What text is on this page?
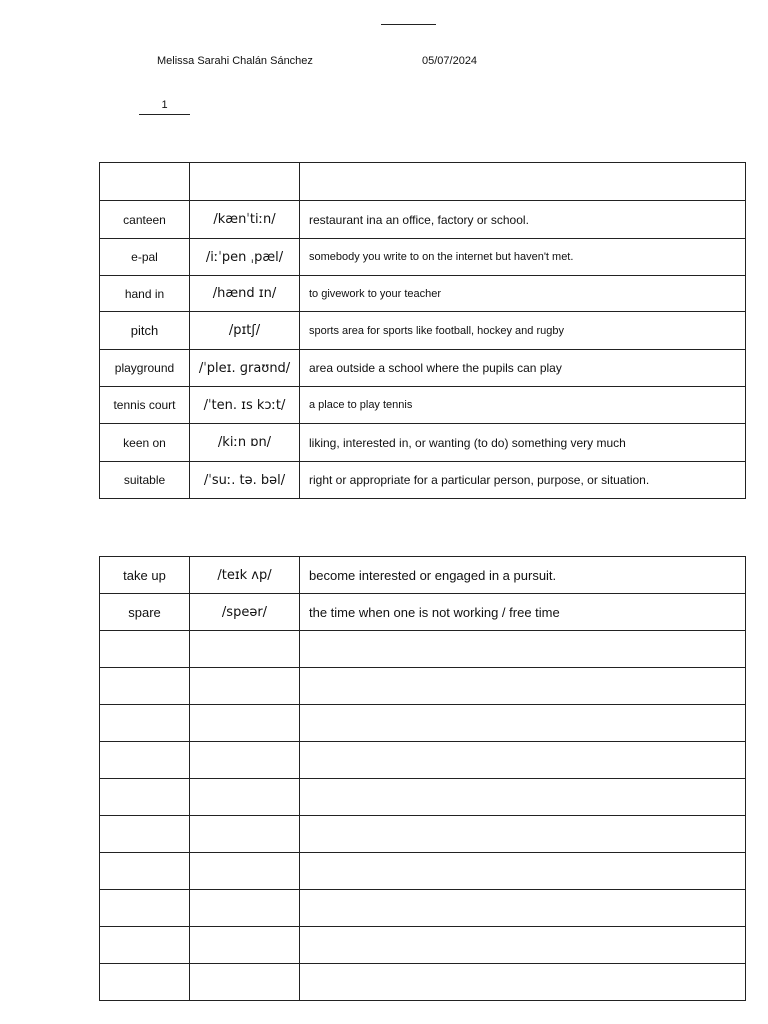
Melissa Sarahi Chalán Sánchez	05/07/2024
1

canteen	/kænˈtiːn/	restaurant ina an office, factory or school.
e-pal	/iːˈpen ˌpæl/	somebody you write to on the internet but haven't met.
hand in	/hænd ɪn/	to givework to your teacher
pitch	/pɪtʃ/	sports area for sports like football, hockey and rugby
playground	/ˈpleɪ. ɡraʊnd/	area outside a school where the pupils can play
tennis court	/ˈten. ɪs kɔːt/	a place to play tennis
keen on	/kiːn ɒn/	liking, interested in, or wanting (to do) something very much
suitable	/ˈsuː. tə. bəl/	right or appropriate for a particular person, purpose, or situation.
take up	/teɪk ʌp/	become interested or engaged in a pursuit.
spare	/speər/	the time when one is not working / free time
